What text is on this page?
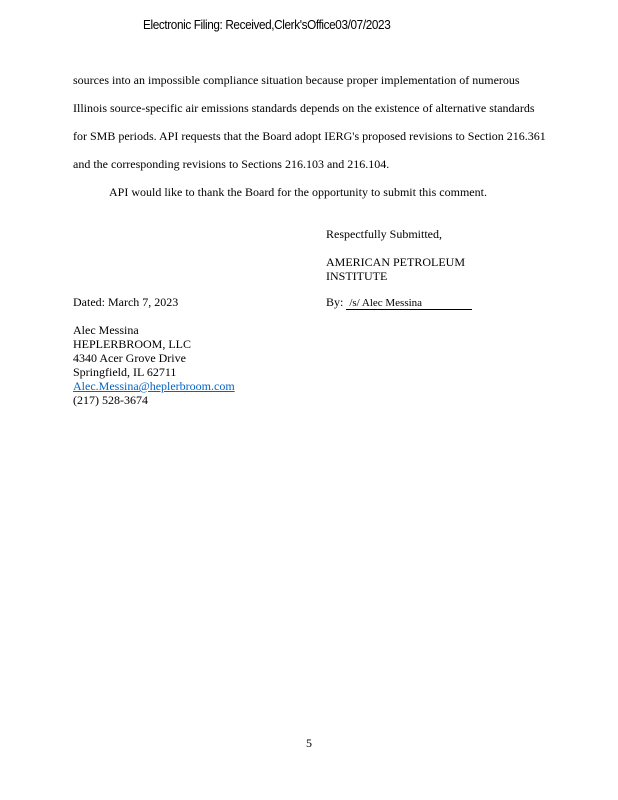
Electronic Filing: Received,Clerk'sOffice03/07/2023
sources into an impossible compliance situation because proper implementation of numerous
Illinois source-specific air emissions standards depends on the existence of alternative standards
for SMB periods. API requests that the Board adopt IERG's proposed revisions to Section 216.361
and the corresponding revisions to Sections 216.103 and 216.104.
API would like to thank the Board for the opportunity to submit this comment.
Respectfully Submitted,
AMERICAN PETROLEUM
INSTITUTE
Dated: March 7, 2023	By: /s/ Alec Messina
Alec Messina
HEPLERBROOM, LLC
4340 Acer Grove Drive
Springfield, IL 62711
Alec.Messina@heplerbroom.com
(217) 528-3674
5
